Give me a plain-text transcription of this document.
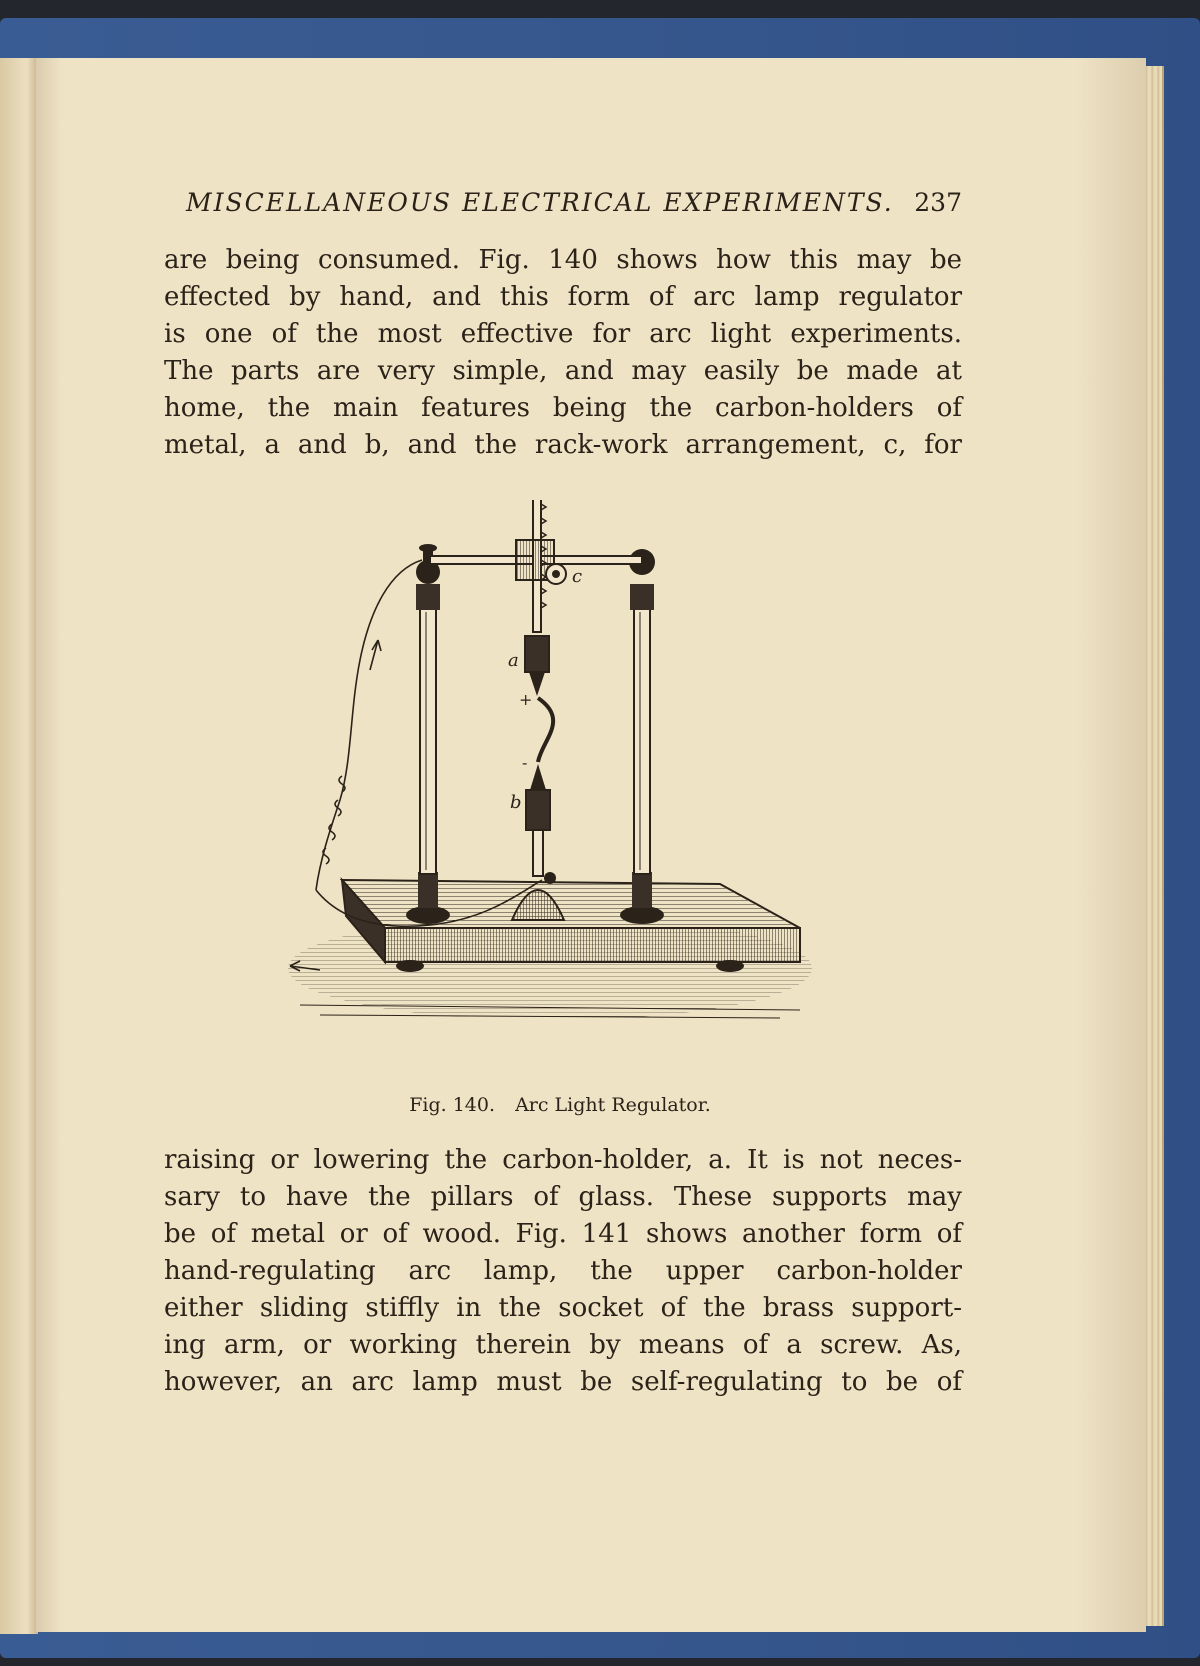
MISCELLANEOUS ELECTRICAL EXPERIMENTS. 237
are being consumed. Fig. 140 shows how this may be
effected by hand, and this form of arc lamp regulator
is one of the most effective for arc light experiments.
The parts are very simple, and may easily be made at
home, the main features being the carbon-holders of
metal, a and b, and the rack-work arrangement, c, for
c
a
+
-
b
Fig. 140. Arc Light Regulator.
raising or lowering the carbon-holder, a. It is not neces-
sary to have the pillars of glass. These supports may
be of metal or of wood. Fig. 141 shows another form of
hand-regulating arc lamp, the upper carbon-holder
either sliding stiffly in the socket of the brass support-
ing arm, or working therein by means of a screw. As,
however, an arc lamp must be self-regulating to be of
